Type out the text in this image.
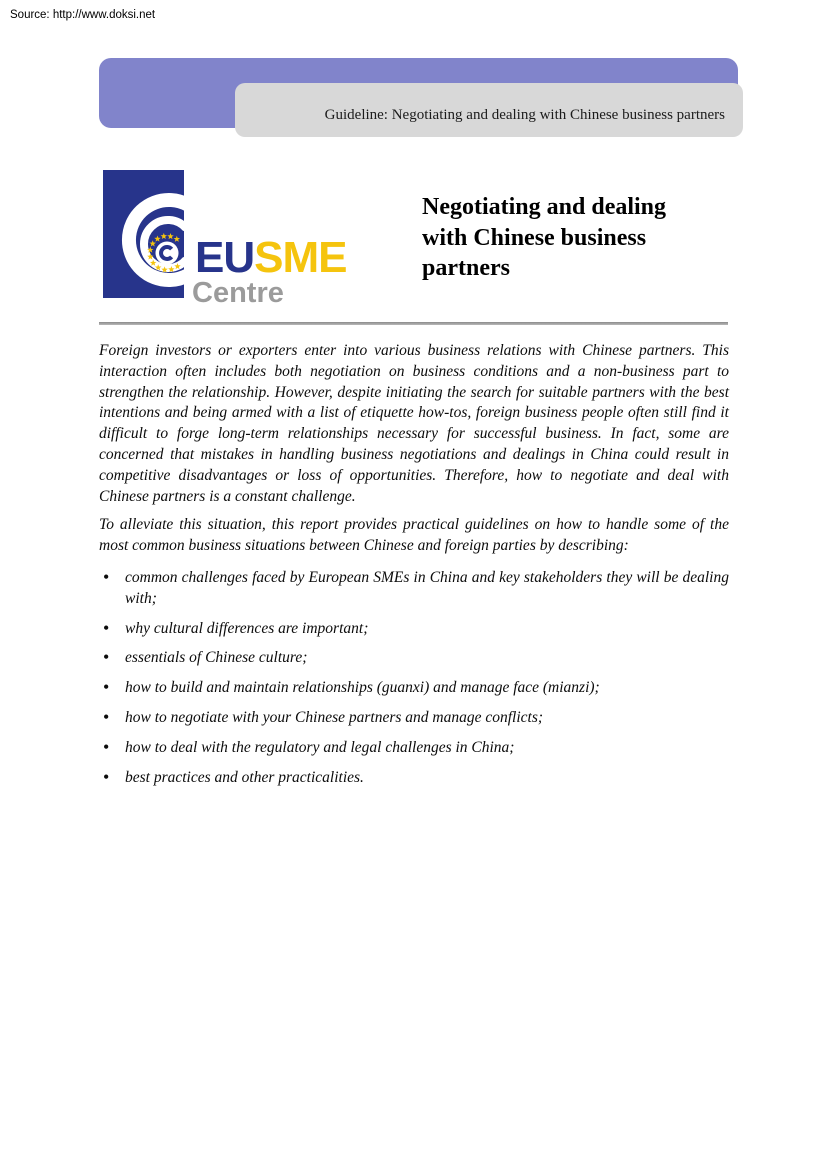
Source: http://www.doksi.net
Guideline: Negotiating and dealing with Chinese business partners
EUSME
Centre
Negotiating and dealing
with Chinese business
partners

Foreign investors or exporters enter into various business relations with Chinese partners. This interaction often includes both negotiation on business conditions and a non-business part to strengthen the relationship. However, despite initiating the search for suitable partners with the best intentions and being armed with a list of etiquette how-tos, foreign business people often still find it difficult to forge long-term relationships necessary for successful business. In fact, some are concerned that mistakes in handling business negotiations and dealings in China could result in competitive disadvantages or loss of opportunities. Therefore, how to negotiate and deal with Chinese partners is a constant challenge.

To alleviate this situation, this report provides practical guidelines on how to handle some of the most common business situations between Chinese and foreign parties by describing:

• common challenges faced by European SMEs in China and key stakeholders they will be dealing with;
• why cultural differences are important;
• essentials of Chinese culture;
• how to build and maintain relationships (guanxi) and manage face (mianzi);
• how to negotiate with your Chinese partners and manage conflicts;
• how to deal with the regulatory and legal challenges in China;
• best practices and other practicalities.
